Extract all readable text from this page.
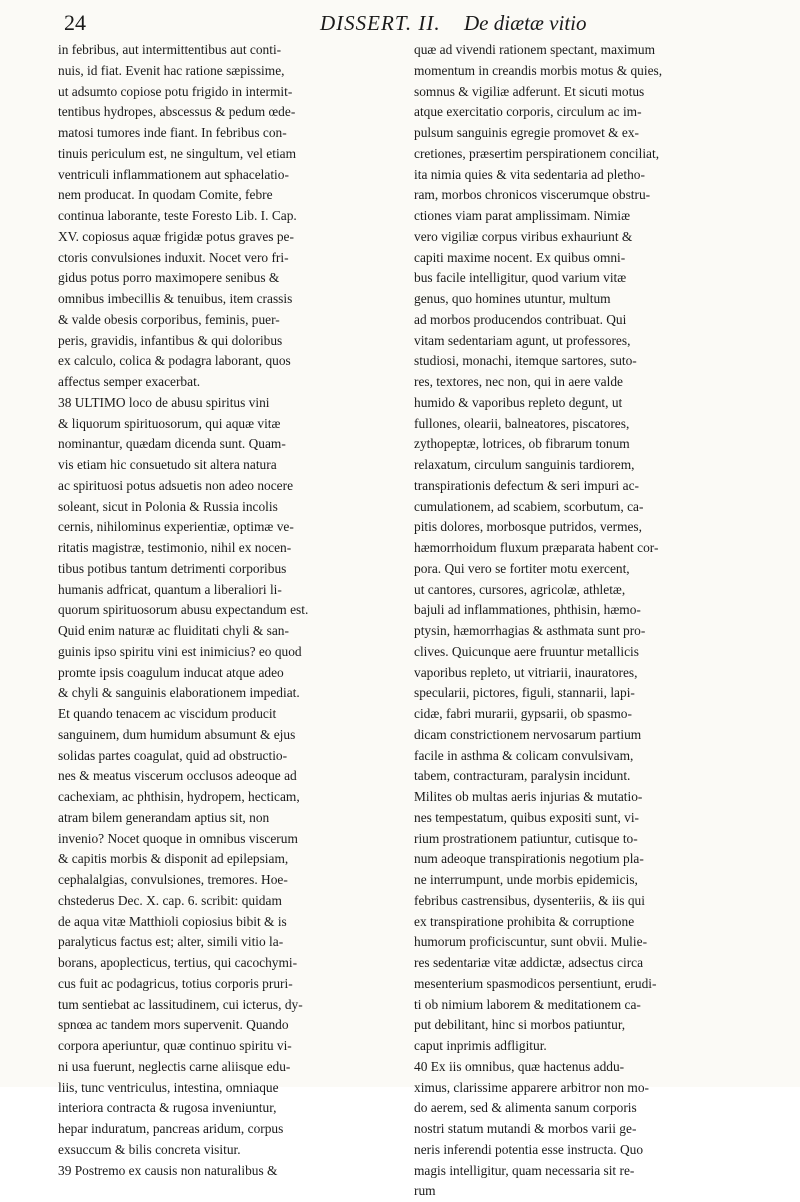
24	DISSERT. II. De diætæ vitio
in febribus, aut intermittentibus aut conti-
nuis, id fiat. Evenit hac ratione sæpissime,
ut adsumto copiose potu frigido in intermit-
tentibus hydropes, abscessus & pedum œde-
matosi tumores inde fiant. In febribus con-
tinuis periculum est, ne singultum, vel etiam
ventriculi inflammationem aut sphacelatio-
nem producat. In quodam Comite, febre
continua laborante, teste Foresto Lib. I. Cap.
XV. copiosus aquæ frigidæ potus graves pe-
ctoris convulsiones induxit. Nocet vero fri-
gidus potus porro maximopere senibus &
omnibus imbecillis & tenuibus, item crassis
& valde obesis corporibus, feminis, puer-
peris, gravidis, infantibus & qui doloribus
ex calculo, colica & podagra laborant, quos
affectus semper exacerbat.
38 ULTIMO loco de abusu spiritus vini
& liquorum spirituosorum, qui aquæ vitæ
nominantur, quædam dicenda sunt. Quam-
vis etiam hic consuetudo sit altera natura
ac spirituosi potus adsuetis non adeo nocere
soleant, sicut in Polonia & Russia incolis
cernis, nihilominus experientiæ, optimæ ve-
ritatis magistræ, testimonio, nihil ex nocen-
tibus potibus tantum detrimenti corporibus
humanis adfricat, quantum a liberaliori li-
quorum spirituosorum abusu expectandum est.
Quid enim naturæ ac fluiditati chyli & san-
guinis ipso spiritu vini est inimicius? eo quod
promte ipsis coagulum inducat atque adeo
& chyli & sanguinis elaborationem impediat.
Et quando tenacem ac viscidum producit
sanguinem, dum humidum absumunt & ejus
solidas partes coagulat, quid ad obstructio-
nes & meatus viscerum occlusos adeoque ad
cachexiam, ac phthisin, hydropem, hecticam,
atram bilem generandam aptius sit, non
invenio? Nocet quoque in omnibus viscerum
& capitis morbis & disponit ad epilepsiam,
cephalalgias, convulsiones, tremores. Hoe-
chstederus Dec. X. cap. 6. scribit: quidam
de aqua vitæ Matthioli copiosius bibit & is
paralyticus factus est; alter, simili vitio la-
borans, apoplecticus, tertius, qui cacochymi-
cus fuit ac podagricus, totius corporis pruri-
tum sentiebat ac lassitudinem, cui icterus, dy-
spnœa ac tandem mors supervenit. Quando
corpora aperiuntur, quæ continuo spiritu vi-
ni usa fuerunt, neglectis carne aliisque edu-
liis, tunc ventriculus, intestina, omniaque
interiora contracta & rugosa inveniuntur,
hepar induratum, pancreas aridum, corpus
exsuccum & bilis concreta visitur.
39 Postremo ex causis non naturalibus &
quæ ad vivendi rationem spectant, maximum
momentum in creandis morbis motus & quies,
somnus & vigiliæ adferunt. Et sicuti motus
atque exercitatio corporis, circulum ac im-
pulsum sanguinis egregie promovet & ex-
cretiones, præsertim perspirationem conciliat,
ita nimia quies & vita sedentaria ad pletho-
ram, morbos chronicos viscerumque obstru-
ctiones viam parat amplissimam. Nimiæ
vero vigiliæ corpus viribus exhauriunt &
capiti maxime nocent. Ex quibus omni-
bus facile intelligitur, quod varium vitæ
genus, quo homines utuntur, multum
ad morbos producendos contribuat. Qui
vitam sedentariam agunt, ut professores,
studiosi, monachi, itemque sartores, suto-
res, textores, nec non, qui in aere valde
humido & vaporibus repleto degunt, ut
fullones, olearii, balneatores, piscatores,
zythopeptæ, lotrices, ob fibrarum tonum
relaxatum, circulum sanguinis tardiorem,
transpirationis defectum & seri impuri ac-
cumulationem, ad scabiem, scorbutum, ca-
pitis dolores, morbosque putridos, vermes,
hæmorrhoidum fluxum præparata habent cor-
pora. Qui vero se fortiter motu exercent,
ut cantores, cursores, agricolæ, athletæ,
bajuli ad inflammationes, phthisin, hæmo-
ptysin, hæmorrhagias & asthmata sunt pro-
clives. Quicunque aere fruuntur metallicis
vaporibus repleto, ut vitriarii, inauratores,
specularii, pictores, figuli, stannarii, lapi-
cidæ, fabri murarii, gypsarii, ob spasmo-
dicam constrictionem nervosarum partium
facile in asthma & colicam convulsivam,
tabem, contracturam, paralysin incidunt.
Milites ob multas aeris injurias & mutatio-
nes tempestatum, quibus expositi sunt, vi-
rium prostrationem patiuntur, cutisque to-
num adeoque transpirationis negotium pla-
ne interrumpunt, unde morbis epidemicis,
febribus castrensibus, dysenteriis, & iis qui
ex transpiratione prohibita & corruptione
humorum proficiscuntur, sunt obvii. Mulie-
res sedentariæ vitæ addictæ, adsectus circa
mesenterium spasmodicos persentiunt, erudi-
ti ob nimium laborem & meditationem ca-
put debilitant, hinc si morbos patiuntur,
caput inprimis adfligitur.
40 Ex iis omnibus, quæ hactenus addu-
ximus, clarissime apparere arbitror non mo-
do aerem, sed & alimenta sanum corporis
nostri statum mutandi & morbos varii ge-
neris inferendi potentia esse instructa. Quo
magis intelligitur, quam necessaria sit re-
rum
